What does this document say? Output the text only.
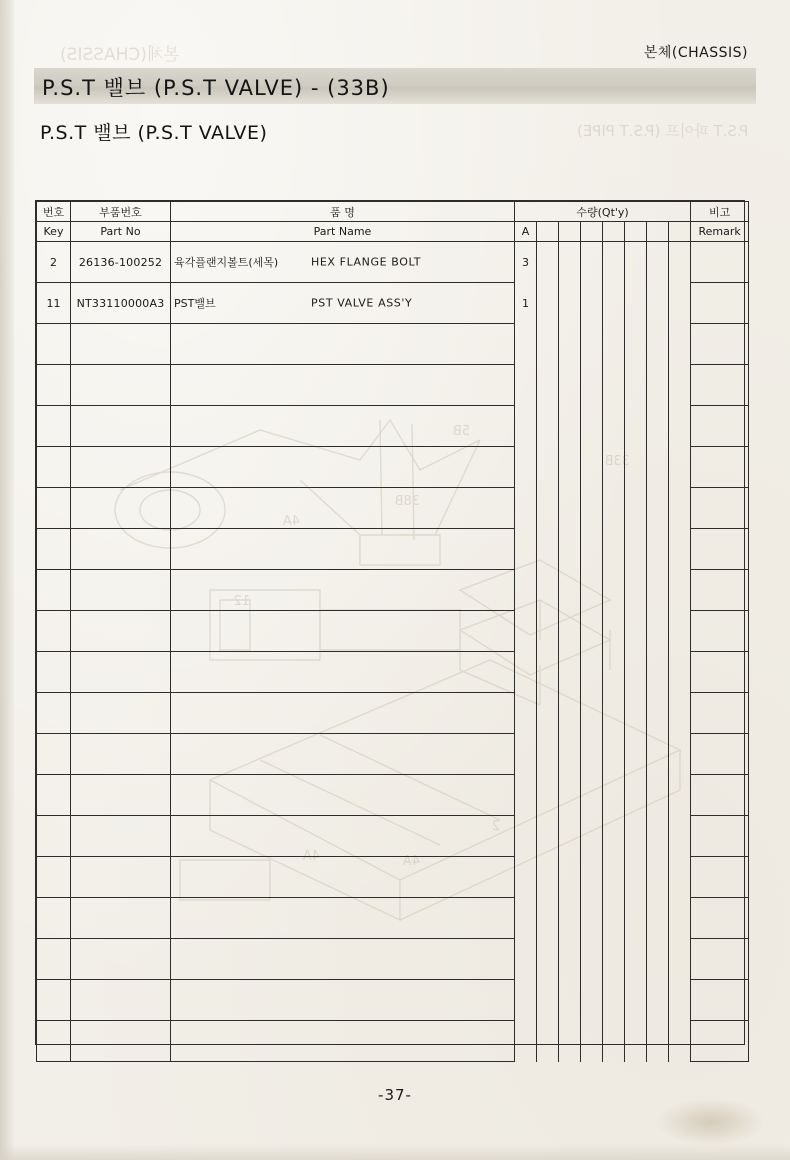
본체(CHASSIS)
P.S.T 파이프 (P.S.T PIPE)
33B
5B
38B
4A
12
4A
4A
2
본체(CHASSIS)
P.S.T 밸브 (P.S.T VALVE) - (33B)
P.S.T 밸브 (P.S.T VALVE)
번호	부품번호	품 명	수량(Qt'y)								비고
Key	Part No	Part Name	A								Remark
2	26136-100252	육각플랜지볼트(세목) HEX FLANGE BOLT	3								
11	NT33110000A3	PST밸브 PST VALVE ASS'Y	1								

-37-
